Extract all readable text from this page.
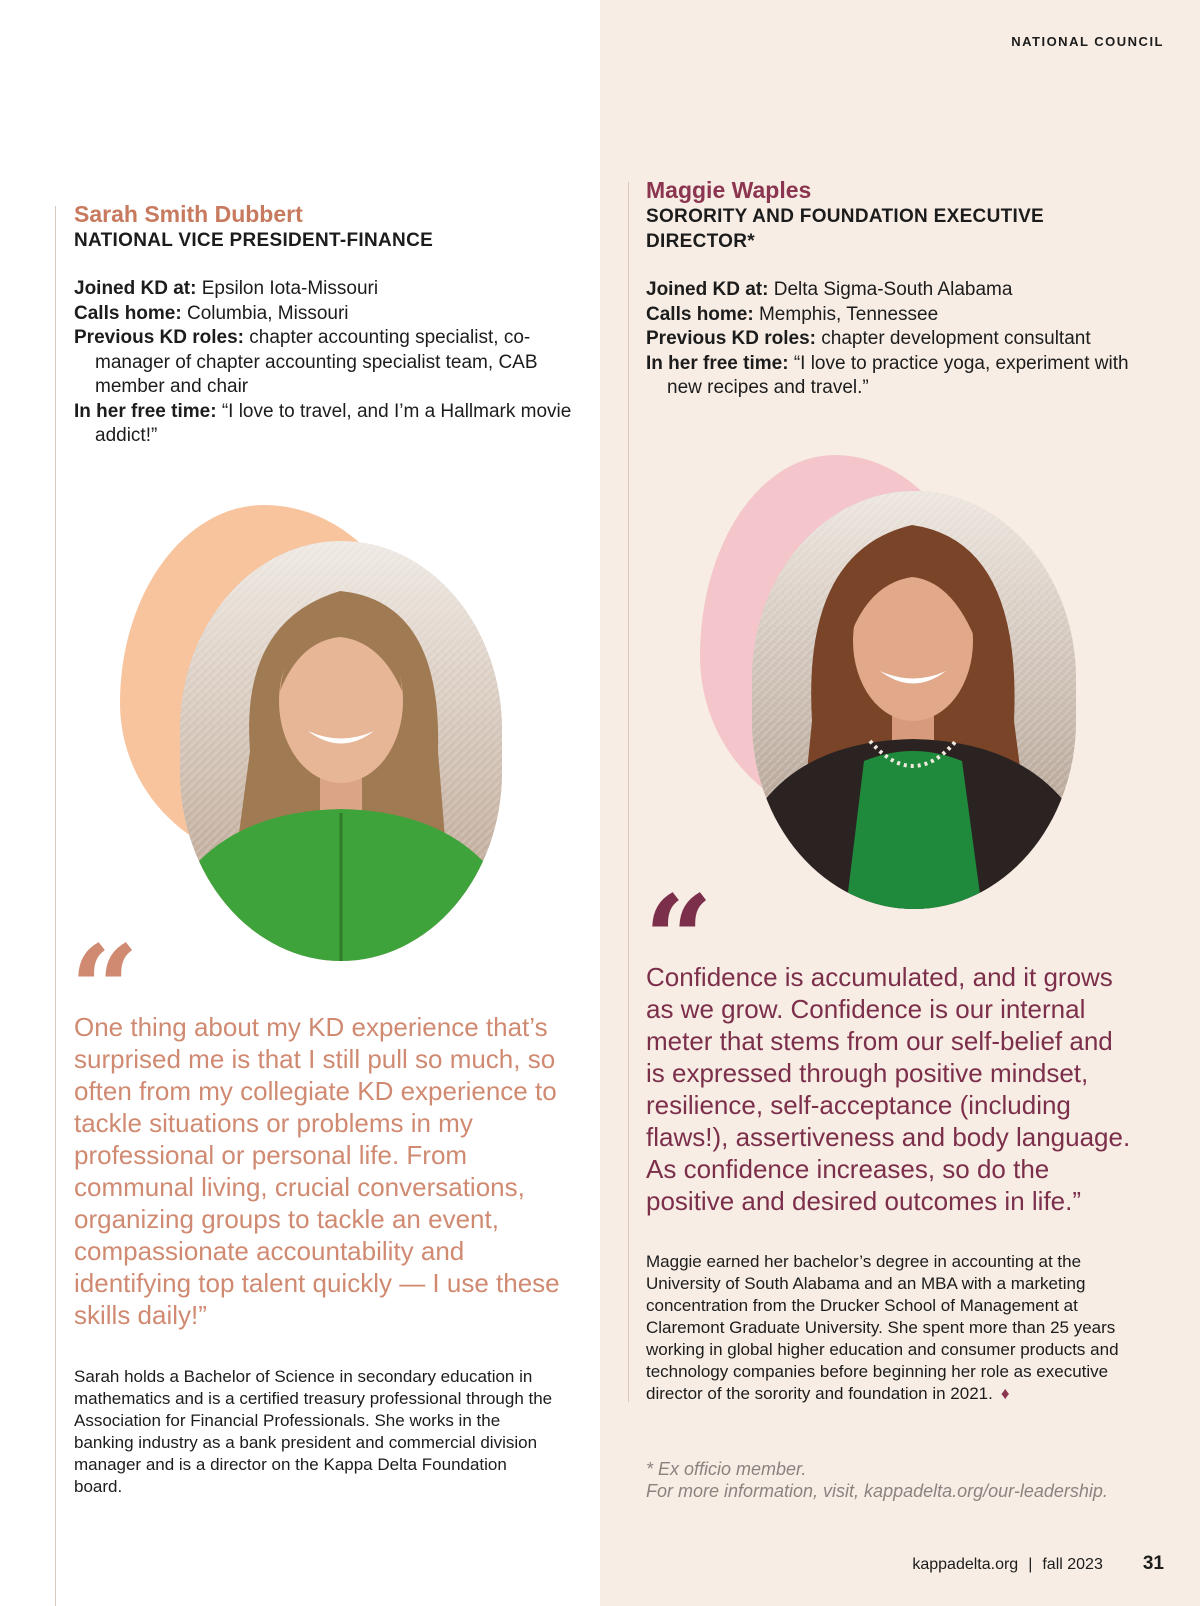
NATIONAL COUNCIL
Sarah Smith Dubbert
NATIONAL VICE PRESIDENT-FINANCE
Joined KD at: Epsilon Iota-Missouri
Calls home: Columbia, Missouri
Previous KD roles: chapter accounting specialist, co-manager of chapter accounting specialist team, CAB member and chair
In her free time: “I love to travel, and I’m a Hallmark movie addict!”
“
One thing about my KD experience that’s surprised me is that I still pull so much, so often from my collegiate KD experience to tackle situations or problems in my professional or personal life. From communal living, crucial conversations, organizing groups to tackle an event, compassionate accountability and identifying top talent quickly — I use these skills daily!”
Sarah holds a Bachelor of Science in secondary education in mathematics and is a certified treasury professional through the Association for Financial Professionals. She works in the banking industry as a bank president and commercial division manager and is a director on the Kappa Delta Foundation board.
Maggie Waples
SORORITY AND FOUNDATION EXECUTIVE DIRECTOR*
Joined KD at: Delta Sigma-South Alabama
Calls home: Memphis, Tennessee
Previous KD roles: chapter development consultant
In her free time: “I love to practice yoga, experiment with new recipes and travel.”
“
Confidence is accumulated, and it grows as we grow. Confidence is our internal meter that stems from our self-belief and is expressed through positive mindset, resilience, self-acceptance (including flaws!), assertiveness and body language. As confidence increases, so do the positive and desired outcomes in life.”
Maggie earned her bachelor’s degree in accounting at the University of South Alabama and an MBA with a marketing concentration from the Drucker School of Management at Claremont Graduate University. She spent more than 25 years working in global higher education and consumer products and technology companies before beginning her role as executive director of the sorority and foundation in 2021. ♦
* Ex officio member.
For more information, visit, kappadelta.org/our-leadership.
kappadelta.org | fall 2023 31
